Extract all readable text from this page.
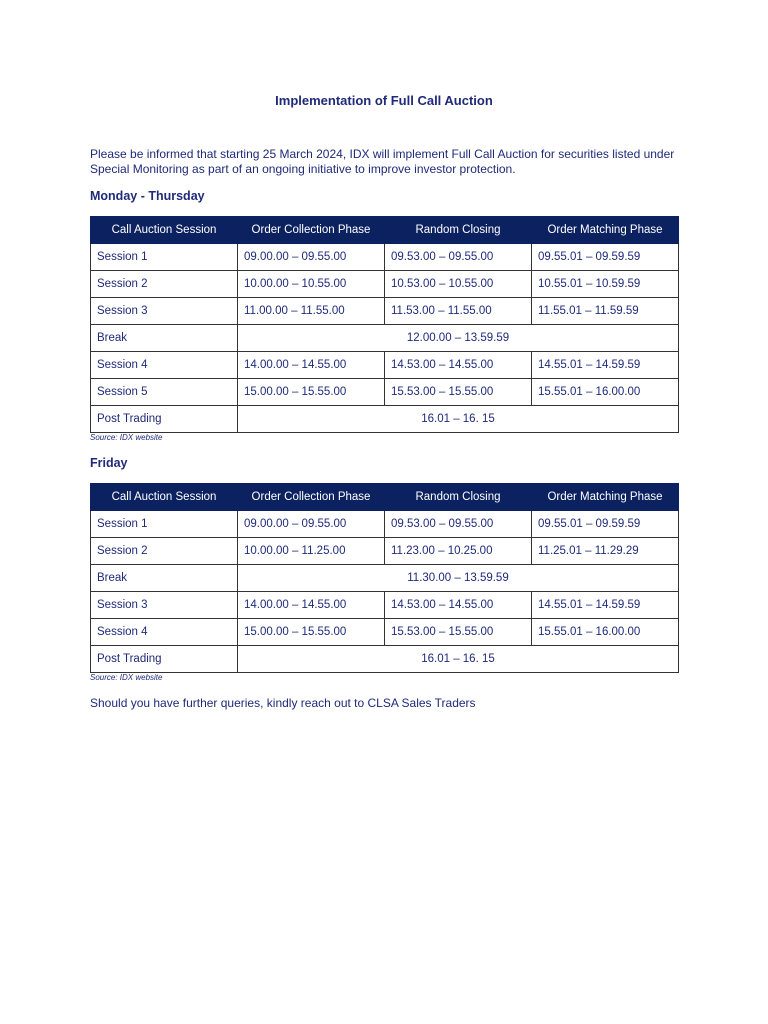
Implementation of Full Call Auction
Please be informed that starting 25 March 2024, IDX will implement Full Call Auction for securities listed under Special Monitoring as part of an ongoing initiative to improve investor protection.
Monday - Thursday
Call Auction Session	Order Collection Phase	Random Closing	Order Matching Phase
Session 1	09.00.00 – 09.55.00	09.53.00 – 09.55.00	09.55.01 – 09.59.59
Session 2	10.00.00 – 10.55.00	10.53.00 – 10.55.00	10.55.01 – 10.59.59
Session 3	11.00.00 – 11.55.00	11.53.00 – 11.55.00	11.55.01 – 11.59.59
Break	12.00.00 – 13.59.59		
Session 4	14.00.00 – 14.55.00	14.53.00 – 14.55.00	14.55.01 – 14.59.59
Session 5	15.00.00 – 15.55.00	15.53.00 – 15.55.00	15.55.01 – 16.00.00
Post Trading	16.01 – 16. 15		
Source: IDX website
Friday
Call Auction Session	Order Collection Phase	Random Closing	Order Matching Phase
Session 1	09.00.00 – 09.55.00	09.53.00 – 09.55.00	09.55.01 – 09.59.59
Session 2	10.00.00 – 11.25.00	11.23.00 – 10.25.00	11.25.01 – 11.29.29
Break	11.30.00 – 13.59.59		
Session 3	14.00.00 – 14.55.00	14.53.00 – 14.55.00	14.55.01 – 14.59.59
Session 4	15.00.00 – 15.55.00	15.53.00 – 15.55.00	15.55.01 – 16.00.00
Post Trading	16.01 – 16. 15		
Source: IDX website
Should you have further queries, kindly reach out to CLSA Sales Traders
